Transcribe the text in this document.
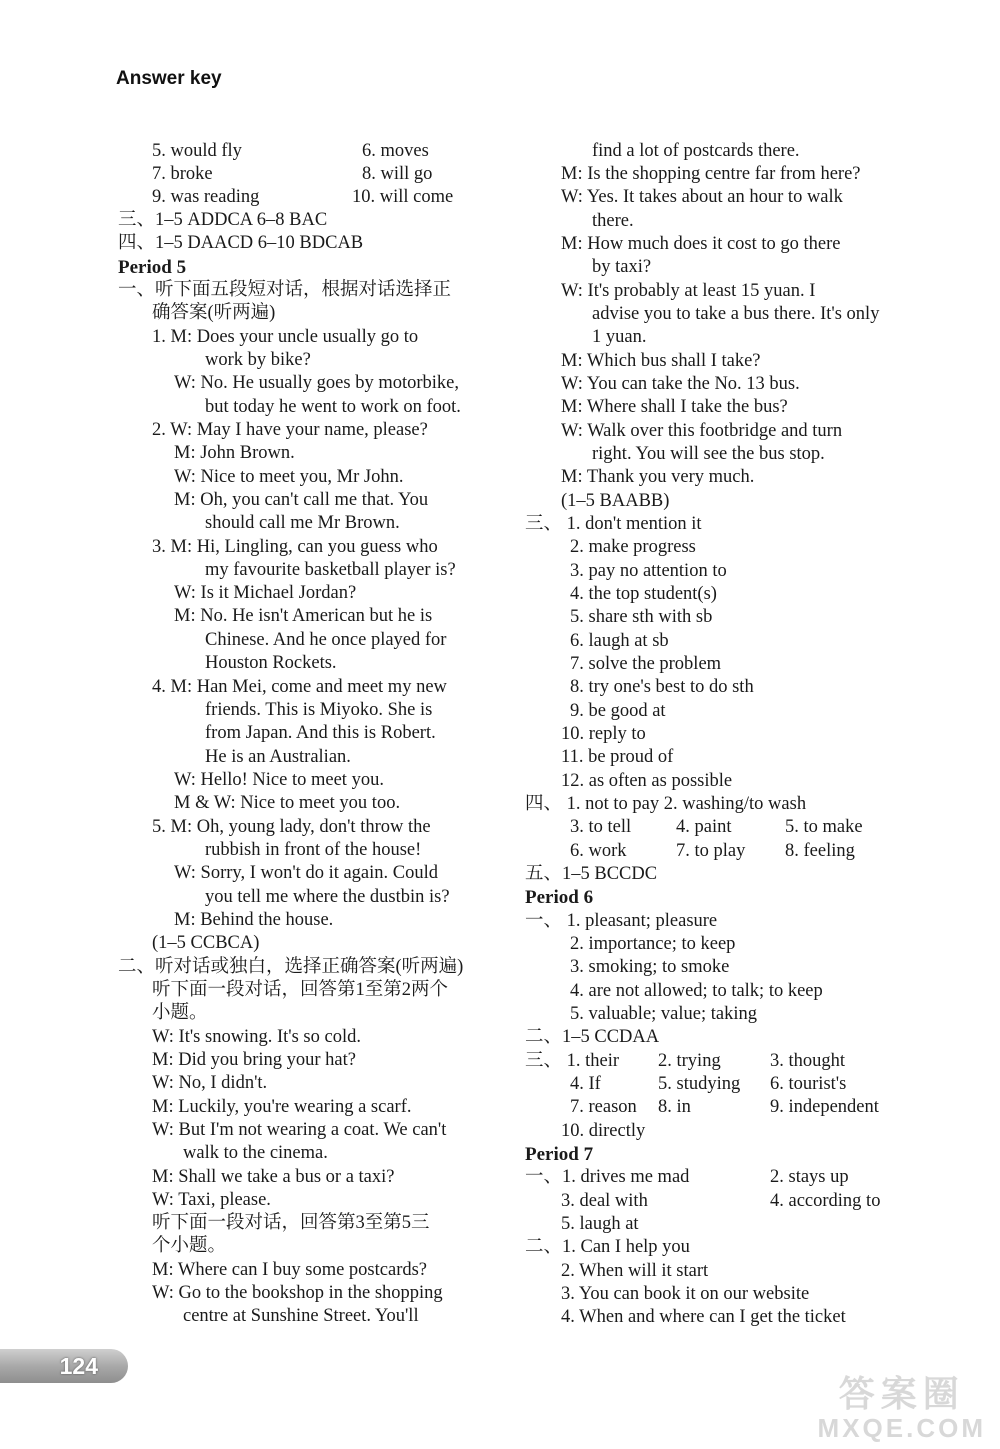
Answer key
5. would fly	6. moves
7. broke	8. will go
9. was reading	10. will come
三、1–5 ADDCA 6–8 BAC
四、1–5 DAACD 6–10 BDCAB
Period 5
一、听下面五段短对话，根据对话选择正
确答案(听两遍)
1. M: Does your uncle usually go to
work by bike?
W: No. He usually goes by motorbike,
but today he went to work on foot.
2. W: May I have your name, please?
M: John Brown.
W: Nice to meet you, Mr John.
M: Oh, you can't call me that. You
should call me Mr Brown.
3. M: Hi, Lingling, can you guess who
my favourite basketball player is?
W: Is it Michael Jordan?
M: No. He isn't American but he is
Chinese. And he once played for
Houston Rockets.
4. M: Han Mei, come and meet my new
friends. This is Miyoko. She is
from Japan. And this is Robert.
He is an Australian.
W: Hello! Nice to meet you.
M & W: Nice to meet you too.
5. M: Oh, young lady, don't throw the
rubbish in front of the house!
W: Sorry, I won't do it again. Could
you tell me where the dustbin is?
M: Behind the house.
(1–5 CCBCA)
二、听对话或独白，选择正确答案(听两遍)
听下面一段对话，回答第1至第2两个
小题。
W: It's snowing. It's so cold.
M: Did you bring your hat?
W: No, I didn't.
M: Luckily, you're wearing a scarf.
W: But I'm not wearing a coat. We can't
walk to the cinema.
M: Shall we take a bus or a taxi?
W: Taxi, please.
听下面一段对话，回答第3至第5三
个小题。
M: Where can I buy some postcards?
W: Go to the bookshop in the shopping
centre at Sunshine Street. You'll
find a lot of postcards there.
M: Is the shopping centre far from here?
W: Yes. It takes about an hour to walk
there.
M: How much does it cost to go there
by taxi?
W: It's probably at least 15 yuan. I
advise you to take a bus there. It's only
1 yuan.
M: Which bus shall I take?
W: You can take the No. 13 bus.
M: Where shall I take the bus?
W: Walk over this footbridge and turn
right. You will see the bus stop.
M: Thank you very much.
(1–5 BAABB)
三、 1. don't mention it
2. make progress
3. pay no attention to
4. the top student(s)
5. share sth with sb
6. laugh at sb
7. solve the problem
8. try one's best to do sth
9. be good at
10. reply to
11. be proud of
12. as often as possible
四、 1. not to pay 2. washing/to wash
3. to tell 4. paint	5. to make
6. work	7. to play 8. feeling
五、1–5 BCCDC
Period 6
一、 1. pleasant; pleasure
2. importance; to keep
3. smoking; to smoke
4. are not allowed; to talk; to keep
5. valuable; value; taking
二、1–5 CCDAA
三、 1. their 2. trying	3. thought
4. If	5. studying 6. tourist's
7. reason 8. in	9. independent
10. directly
Period 7
一、1. drives me mad	2. stays up
3. deal with	4. according to
5. laugh at
二、1. Can I help you
2. When will it start
3. You can book it on our website
4. When and where can I get the ticket
124
答案圈
MXQE.COM
